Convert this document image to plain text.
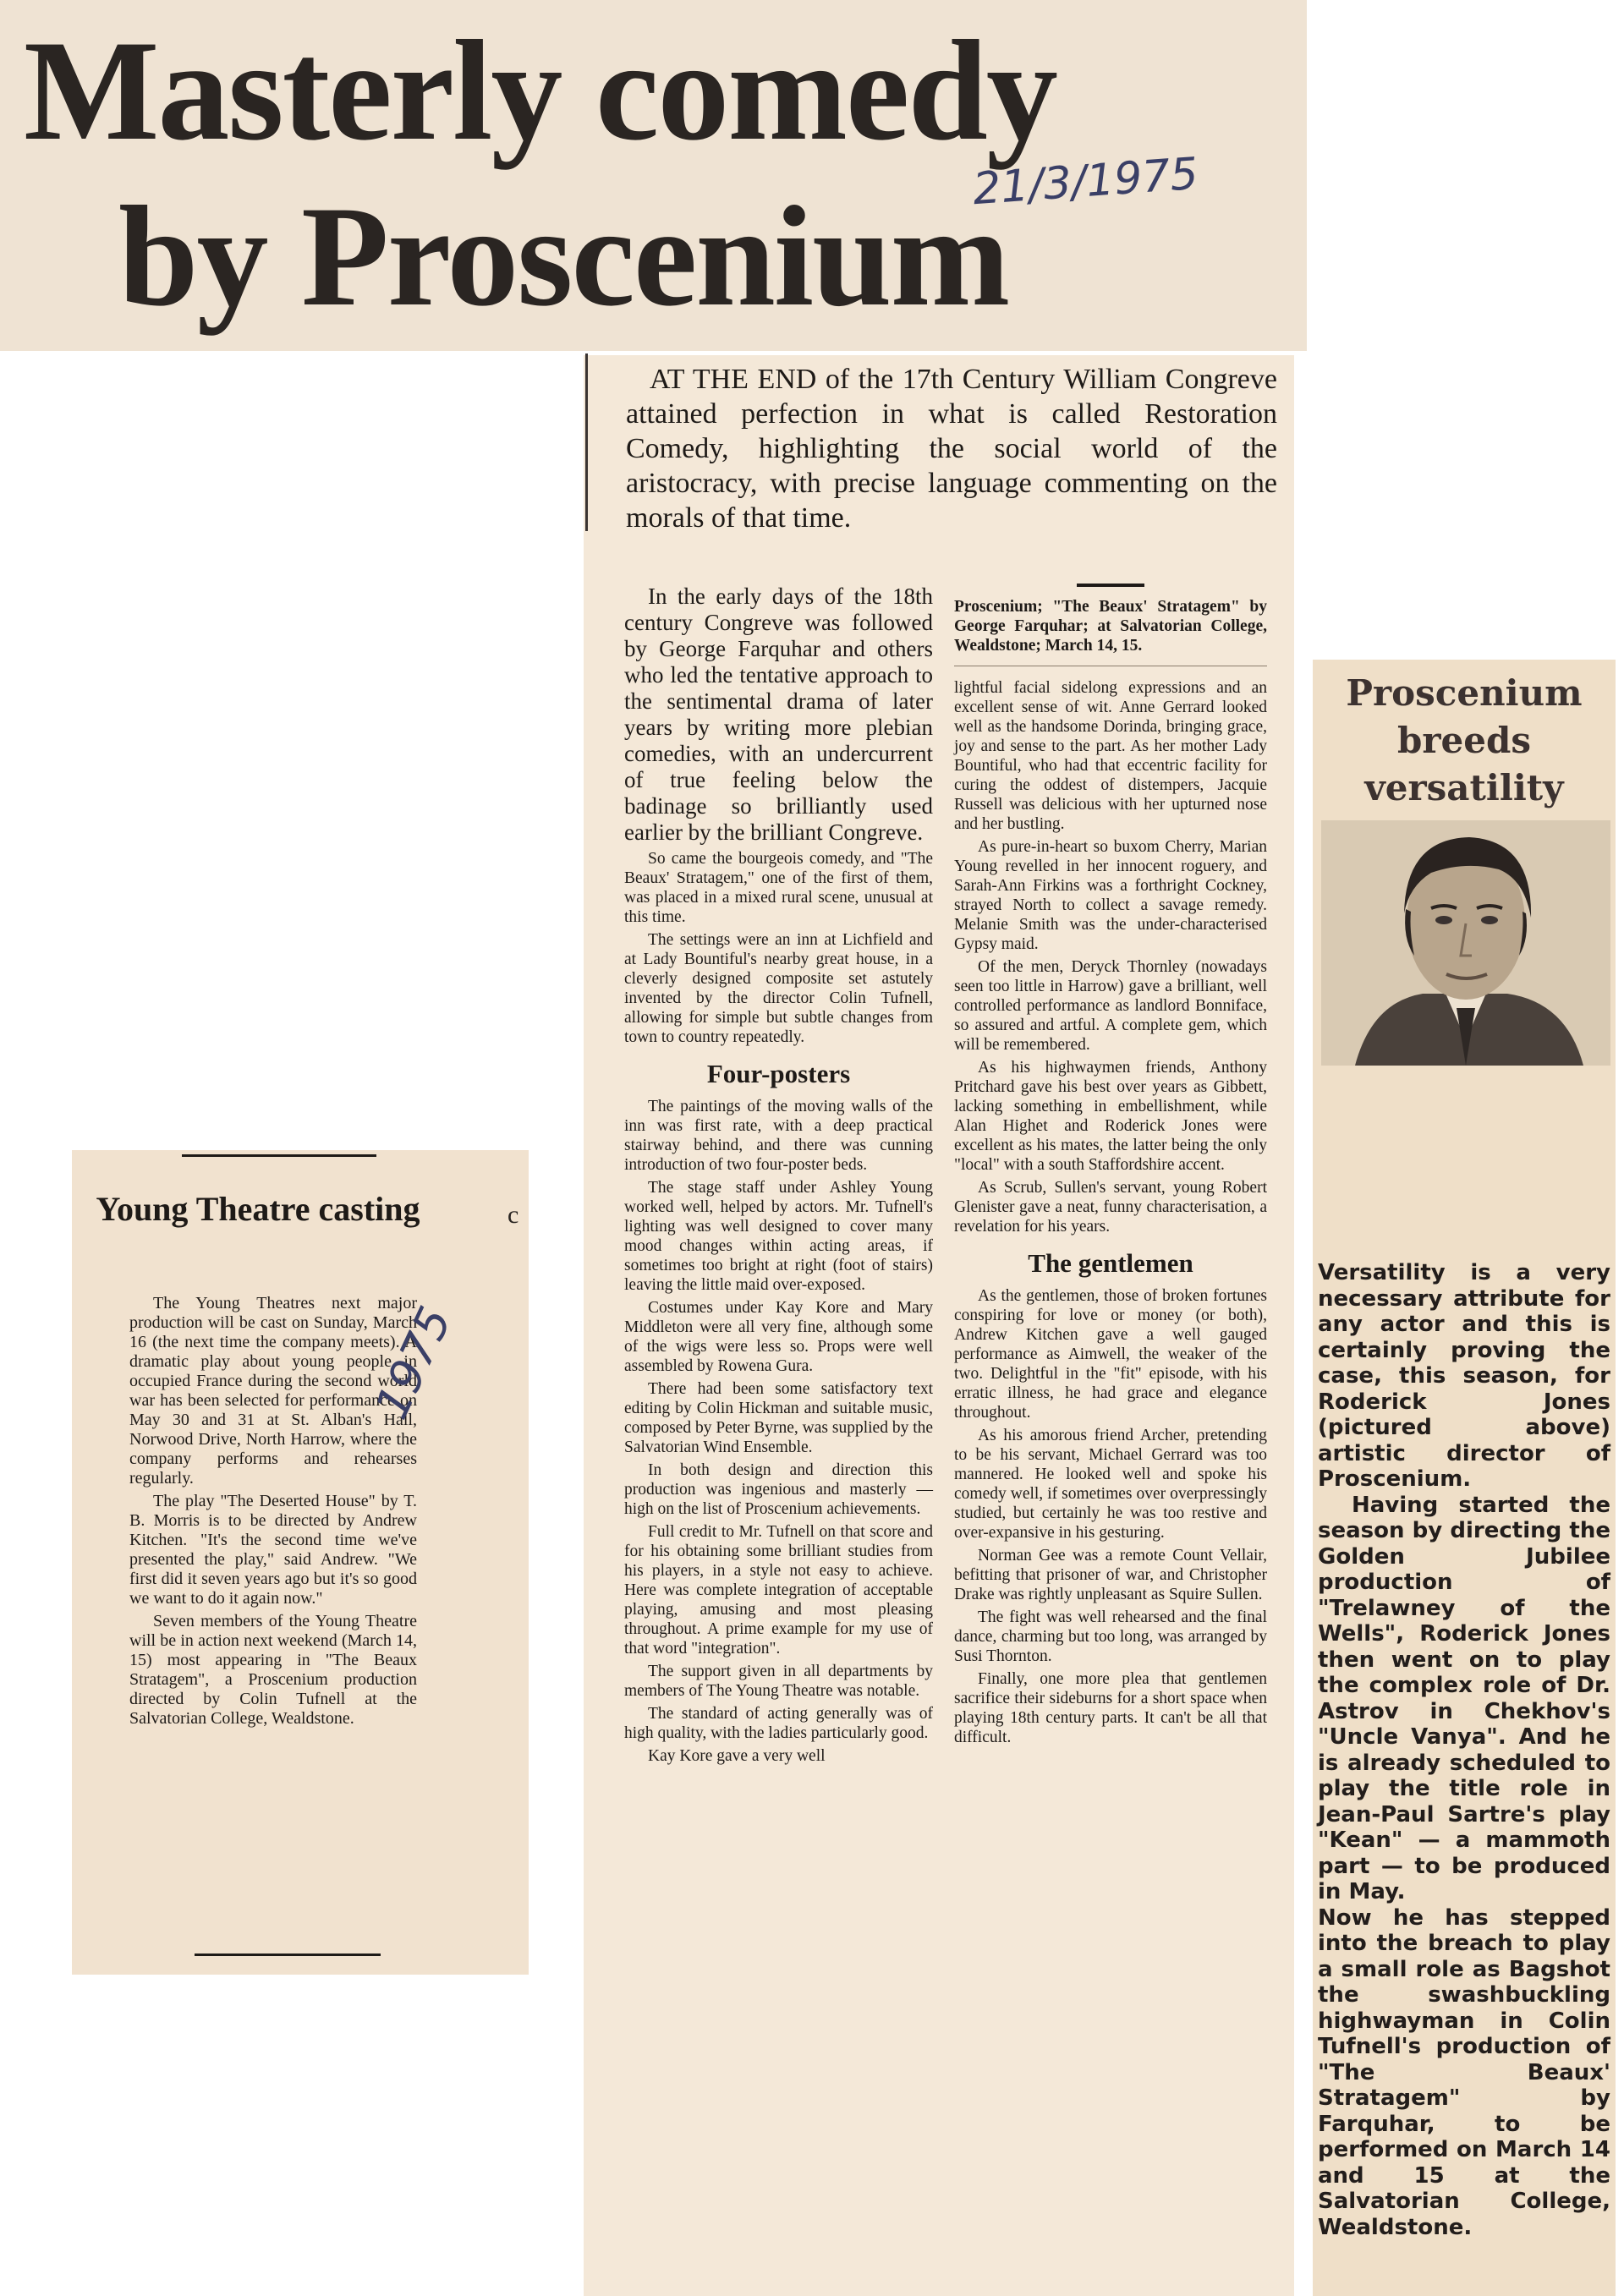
Masterly comedy
by Proscenium
21/3/1975

AT THE END of the 17th Century William Congreve attained perfection in what is called Restoration Comedy, highlighting the social world of the aristocracy, with precise language commenting on the morals of that time.

In the early days of the 18th century Congreve was followed by George Farquhar and others who led the tentative approach to the sentimental drama of later years by writing more plebian comedies, with an undercurrent of true feeling below the badinage so brilliantly used earlier by the brilliant Congreve.

So came the bourgeois comedy, and "The Beaux' Stratagem," one of the first of them, was placed in a mixed rural scene, unusual at this time.

The settings were an inn at Lichfield and at Lady Bountiful's nearby great house, in a cleverly designed composite set astutely invented by the director Colin Tufnell, allowing for simple but subtle changes from town to country repeatedly.

Four-posters

The paintings of the moving walls of the inn was first rate, with a deep practical stairway behind, and there was cunning introduction of two four-poster beds.

The stage staff under Ashley Young worked well, helped by actors. Mr. Tufnell's lighting was well designed to cover many mood changes within acting areas, if sometimes too bright at right (foot of stairs) leaving the little maid over-exposed.

Costumes under Kay Kore and Mary Middleton were all very fine, although some of the wigs were less so. Props were well assembled by Rowena Gura.

There had been some satisfactory text editing by Colin Hickman and suitable music, composed by Peter Byrne, was supplied by the Salvatorian Wind Ensemble.

In both design and direction this production was ingenious and masterly — high on the list of Proscenium achievements.

Full credit to Mr. Tufnell on that score and for his obtaining some brilliant studies from his players, in a style not easy to achieve. Here was complete integration of acceptable playing, amusing and most pleasing throughout. A prime example for my use of that word "integration".

The support given in all departments by members of The Young Theatre was notable.

The standard of acting generally was of high quality, with the ladies particularly good.

Kay Kore gave a very well

Proscenium; "The Beaux' Stratagem" by George Farquhar; at Salvatorian College, Wealdstone; March 14, 15.

lightful facial sidelong expressions and an excellent sense of wit. Anne Gerrard looked well as the handsome Dorinda, bringing grace, joy and sense to the part. As her mother Lady Bountiful, who had that eccentric facility for curing the oddest of distempers, Jacquie Russell was delicious with her upturned nose and her bustling.

As pure-in-heart so buxom Cherry, Marian Young revelled in her innocent roguery, and Sarah-Ann Firkins was a forthright Cockney, strayed North to collect a savage remedy. Melanie Smith was the under-characterised Gypsy maid.

Of the men, Deryck Thornley (nowadays seen too little in Harrow) gave a brilliant, well controlled performance as landlord Bonniface, so assured and artful. A complete gem, which will be remembered.

As his highwaymen friends, Anthony Pritchard gave his best over years as Gibbett, lacking something in embellishment, while Alan Highet and Roderick Jones were excellent as his mates, the latter being the only "local" with a south Staffordshire accent.

As Scrub, Sullen's servant, young Robert Glenister gave a neat, funny characterisation, a revelation for his years.

The gentlemen

As the gentlemen, those of broken fortunes conspiring for love or money (or both), Andrew Kitchen gave a well gauged performance as Aimwell, the weaker of the two. Delightful in the "fit" episode, with his erratic illness, he had grace and elegance throughout.

As his amorous friend Archer, pretending to be his servant, Michael Gerrard was too mannered. He looked well and spoke his comedy well, if sometimes over overpressingly studied, but certainly he was too restive and over-expansive in his gesturing.

Norman Gee was a remote Count Vellair, befitting that prisoner of war, and Christopher Drake was rightly unpleasant as Squire Sullen.

The fight was well rehearsed and the final dance, charming but too long, was arranged by Susi Thornton.

Finally, one more plea that gentlemen sacrifice their sideburns for a short space when playing 18th century parts. It can't be all that difficult.

Young Theatre casting

The Young Theatres next major production will be cast on Sunday, March 16 (the next time the company meets). A dramatic play about young people in occupied France during the second world war has been selected for performance on May 30 and 31 at St. Alban's Hall, Norwood Drive, North Harrow, where the company performs and rehearses regularly.

The play "The Deserted House" by T. B. Morris is to be directed by Andrew Kitchen. "It's the second time we've presented the play," said Andrew. "We first did it seven years ago but it's so good we want to do it again now."

Seven members of the Young Theatre will be in action next weekend (March 14, 15) most appearing in "The Beaux Stratagem", a Proscenium production directed by Colin Tufnell at the Salvatorian College, Wealdstone.

1975
c
Proscenium breeds versatility

Versatility is a very necessary attribute for any actor and this is certainly proving the case, this season, for Roderick Jones (pictured above) artistic director of Proscenium.

Having started the season by directing the Golden Jubilee production of "Trelawney of the Wells", Roderick Jones then went on to play the complex role of Dr. Astrov in Chekhov's "Uncle Vanya". And he is already scheduled to play the title role in Jean-Paul Sartre's play "Kean" — a mammoth part — to be produced in May.

Now he has stepped into the breach to play a small role as Bagshot the swashbuckling highwayman in Colin Tufnell's production of "The Beaux' Stratagem" by Farquhar, to be performed on March 14 and 15 at the Salvatorian College, Wealdstone.
